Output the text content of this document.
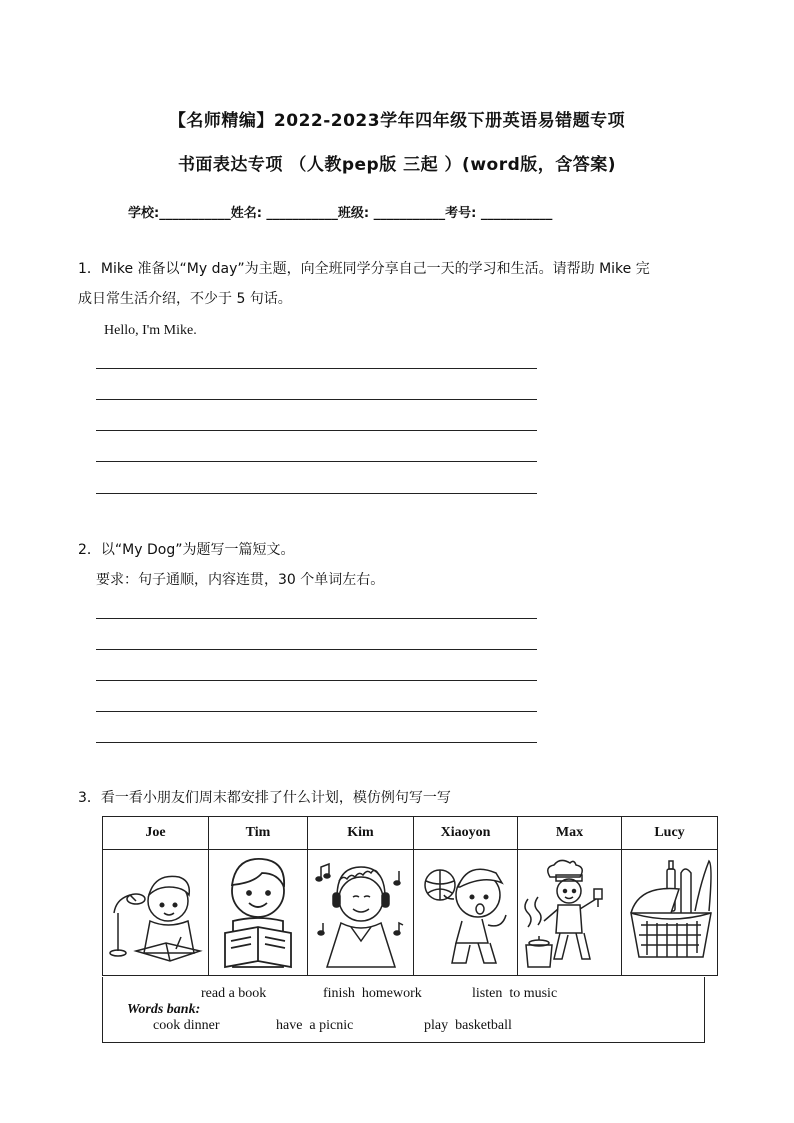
【名师精编】2022-2023学年四年级下册英语易错题专项
书面表达专项 （人教pep版 三起 ）(word版，含答案)
学校:___________姓名: ___________班级: ___________考号: ___________
1．Mike 准备以“My day”为主题，向全班同学分享自己一天的学习和生活。请帮助 Mike 完
成日常生活介绍，不少于 5 句话。
Hello, I'm Mike.
2．以“My Dog”为题写一篇短文。
要求：句子通顺，内容连贯，30 个单词左右。
3．看一看小朋友们周末都安排了什么计划，模仿例句写一写
Joe	Tim	Kim	Xiaoyon	Max	Lucy

Words bank:

read a book	finish  homework	listen  to music
cook dinner	have  a picnic	play  basketball
